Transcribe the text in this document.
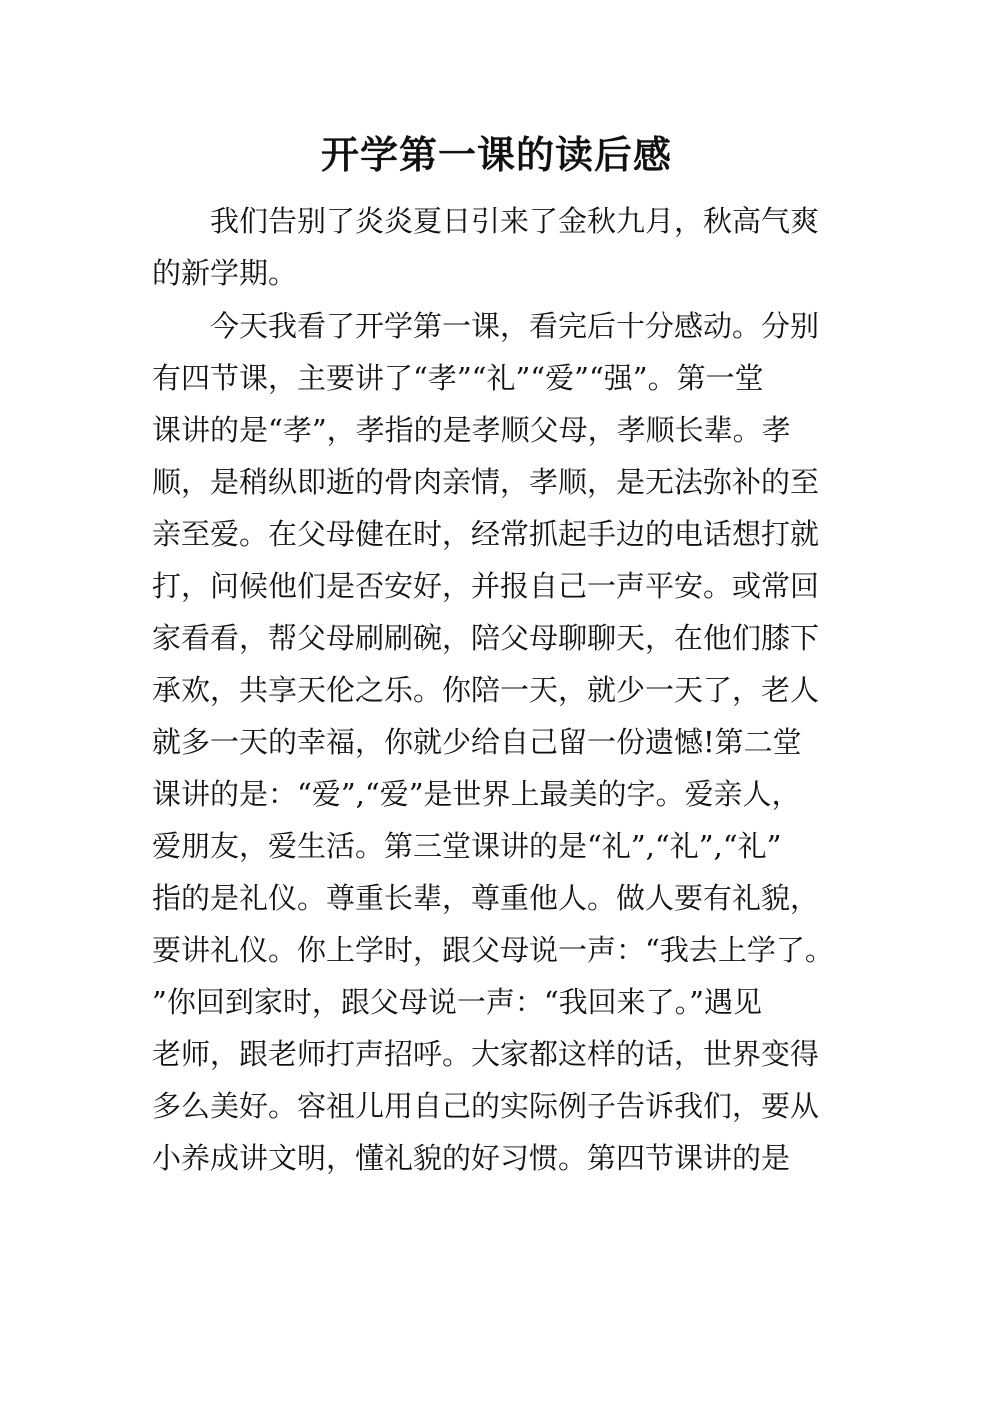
开学第一课的读后感

我们告别了炎炎夏日引来了金秋九月，秋高气爽

的新学期。

今天我看了开学第一课，看完后十分感动。分别

有四节课，主要讲了“孝”“礼”“爱”“强”。第一堂

课讲的是“孝”，孝指的是孝顺父母，孝顺长辈。孝

顺，是稍纵即逝的骨肉亲情，孝顺，是无法弥补的至

亲至爱。在父母健在时，经常抓起手边的电话想打就

打，问候他们是否安好，并报自己一声平安。或常回

家看看，帮父母刷刷碗，陪父母聊聊天，在他们膝下

承欢，共享天伦之乐。你陪一天，就少一天了，老人

就多一天的幸福，你就少给自己留一份遗憾!第二堂

课讲的是：“爱”,“爱”是世界上最美的字。爱亲人，

爱朋友，爱生活。第三堂课讲的是“礼”,“礼”,“礼”

指的是礼仪。尊重长辈，尊重他人。做人要有礼貌，

要讲礼仪。你上学时，跟父母说一声：“我去上学了。

”你回到家时，跟父母说一声：“我回来了。”遇见

老师，跟老师打声招呼。大家都这样的话，世界变得

多么美好。容祖儿用自己的实际例子告诉我们，要从

小养成讲文明，懂礼貌的好习惯。第四节课讲的是
